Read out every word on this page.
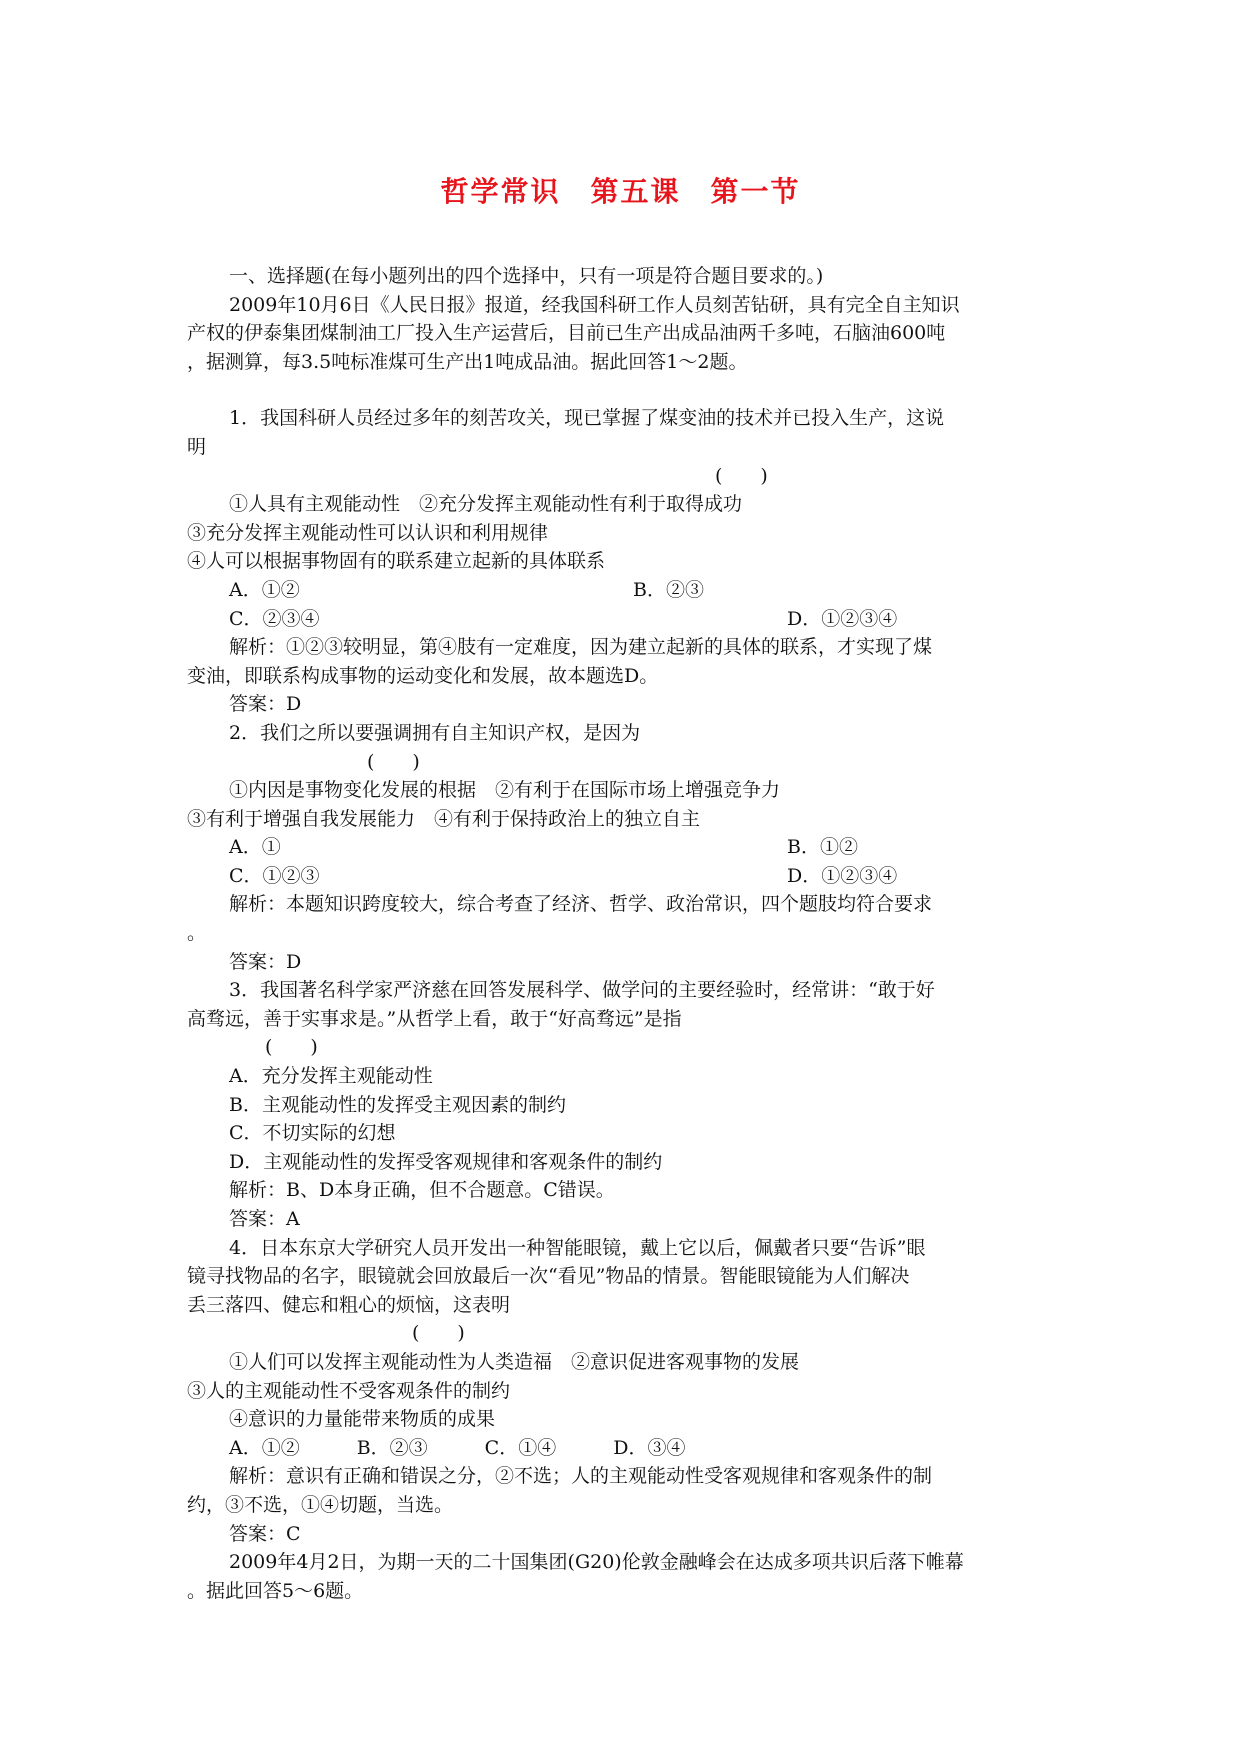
哲学常识　第五课　第一节

一、选择题(在每小题列出的四个选择中，只有一项是符合题目要求的。)

2009年10月6日《人民日报》报道，经我国科研工作人员刻苦钻研，具有完全自主知识

产权的伊泰集团煤制油工厂投入生产运营后，目前已生产出成品油两千多吨，石脑油600吨

，据测算，每3.5吨标准煤可生产出1吨成品油。据此回答1～2题。

1．我国科研人员经过多年的刻苦攻关，现已掌握了煤变油的技术并已投入生产，这说

明

(　　)

①人具有主观能动性　②充分发挥主观能动性有利于取得成功

③充分发挥主观能动性可以认识和利用规律

④人可以根据事物固有的联系建立起新的具体联系

A．①②	B．②③
C．②③④	D．①②③④

解析：①②③较明显，第④肢有一定难度，因为建立起新的具体的联系，才实现了煤

变油，即联系构成事物的运动变化和发展，故本题选D。

答案：D

2．我们之所以要强调拥有自主知识产权，是因为

(　　)

①内因是事物变化发展的根据　②有利于在国际市场上增强竞争力

③有利于增强自我发展能力　④有利于保持政治上的独立自主

A．①	B．①②
C．①②③	D．①②③④

解析：本题知识跨度较大，综合考查了经济、哲学、政治常识，四个题肢均符合要求

。

答案：D

3．我国著名科学家严济慈在回答发展科学、做学问的主要经验时，经常讲：“敢于好

高骛远，善于实事求是。”从哲学上看，敢于“好高骛远”是指

(　　)

A．充分发挥主观能动性

B．主观能动性的发挥受主观因素的制约

C．不切实际的幻想

D．主观能动性的发挥受客观规律和客观条件的制约

解析：B、D本身正确，但不合题意。C错误。

答案：A

4．日本东京大学研究人员开发出一种智能眼镜，戴上它以后，佩戴者只要“告诉”眼

镜寻找物品的名字，眼镜就会回放最后一次“看见”物品的情景。智能眼镜能为人们解决

丢三落四、健忘和粗心的烦恼，这表明

(　　)

①人们可以发挥主观能动性为人类造福　②意识促进客观事物的发展

③人的主观能动性不受客观条件的制约

④意识的力量能带来物质的成果

A．①②　　　B．②③　　　C．①④　　　D．③④

解析：意识有正确和错误之分，②不选；人的主观能动性受客观规律和客观条件的制

约，③不选，①④切题，当选。

答案：C

2009年4月2日，为期一天的二十国集团(G20)伦敦金融峰会在达成多项共识后落下帷幕

。据此回答5～6题。
